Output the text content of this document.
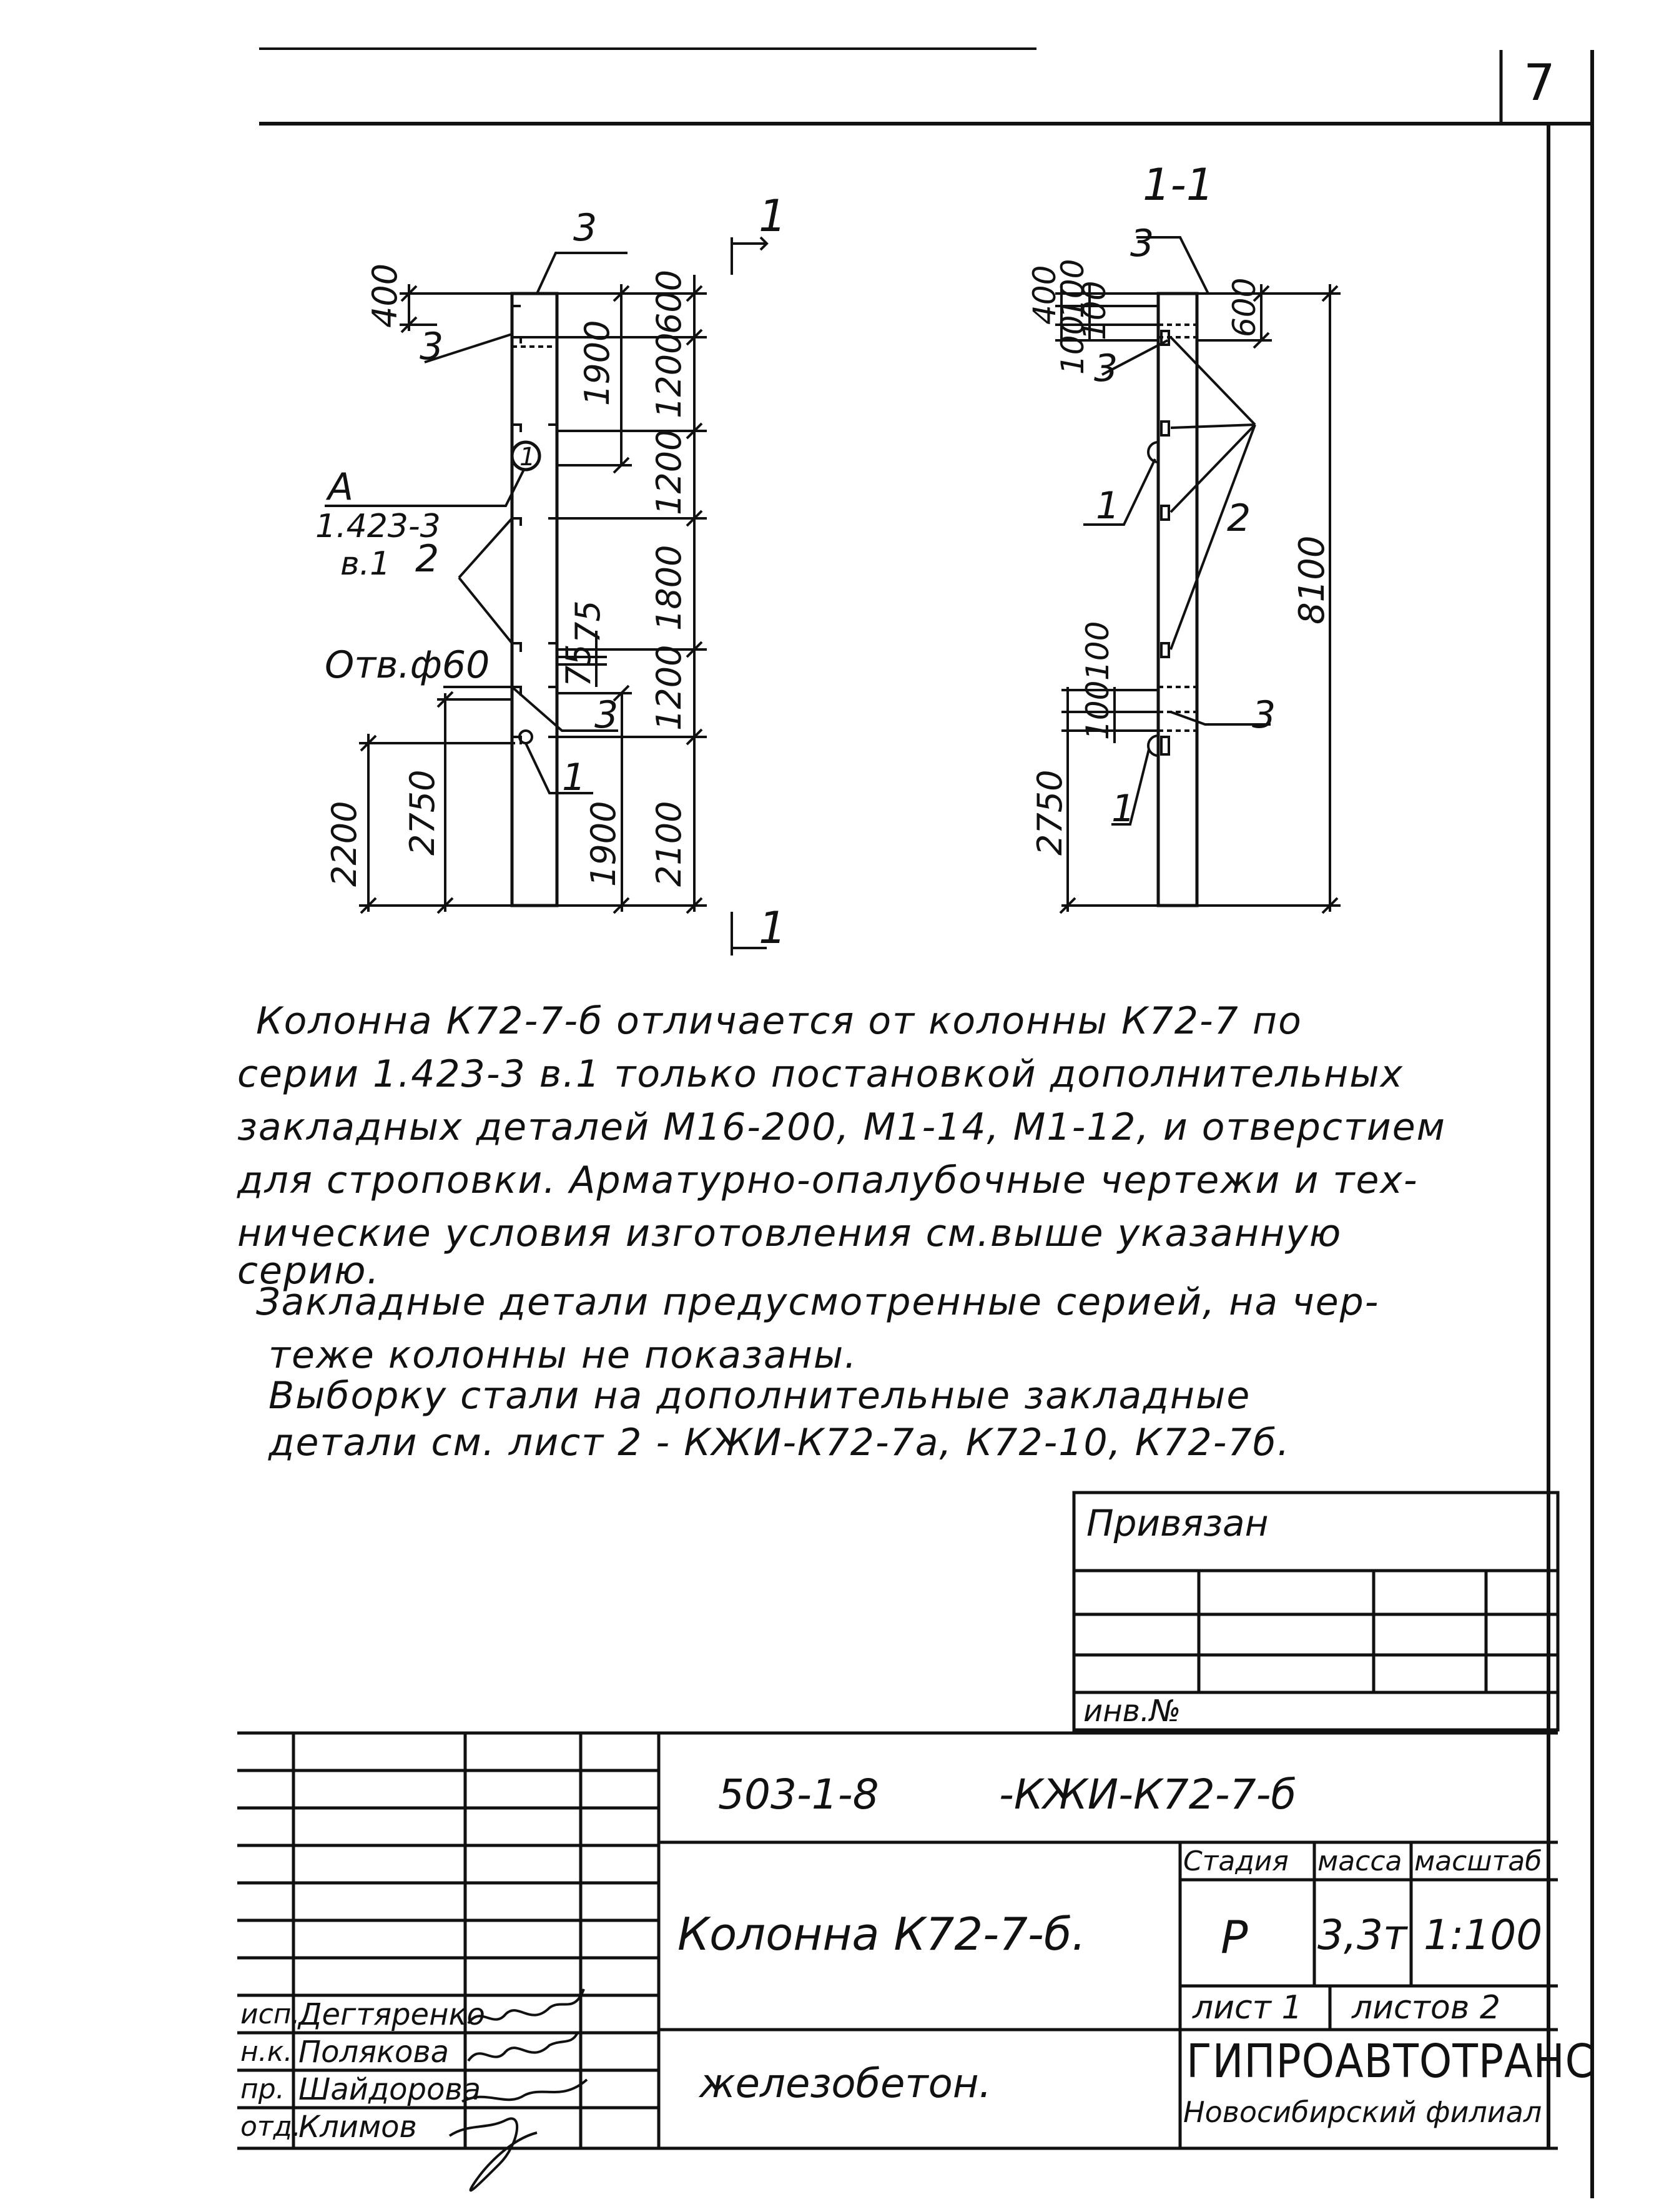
7
1
1
600
1200
1200
1800
1200
2100
1900
1900
75
75
400
2200 2750
3
3
2
3
1
1
А
1.423-3
в.1
Отв.ф60
1-1
400
100
100
100
600
8100
100
100
2750
3
1	2
3
1
3
Колонна К72-7-б отличается от колонны К72-7 по
серии 1.423-3 в.1 только постановкой дополнительных
закладных деталей М16-200, М1-14, М1-12, и отверстием
для строповки. Арматурно-опалубочные чертежи и тех-
нические условия изготовления см.выше указанную
серию.
Закладные детали предусмотренные серией, на чер-
теже колонны не показаны.
Выборку стали на дополнительные закладные
детали см. лист 2 - КЖИ-К72-7а, К72-10, К72-7б.
Привязан
инв.№
503-1-8	-КЖИ-К72-7-б
Колонна К72-7-б.
железобетон.
Стадия масса масштаб
Р 3,3т 1:100
лист 1 листов 2
ГИПРОАВТОТРАНС
Новосибирский филиал
исп.
Дегтяренко
н.к. Полякова
пр. Шайдорова
отд.
Климов
